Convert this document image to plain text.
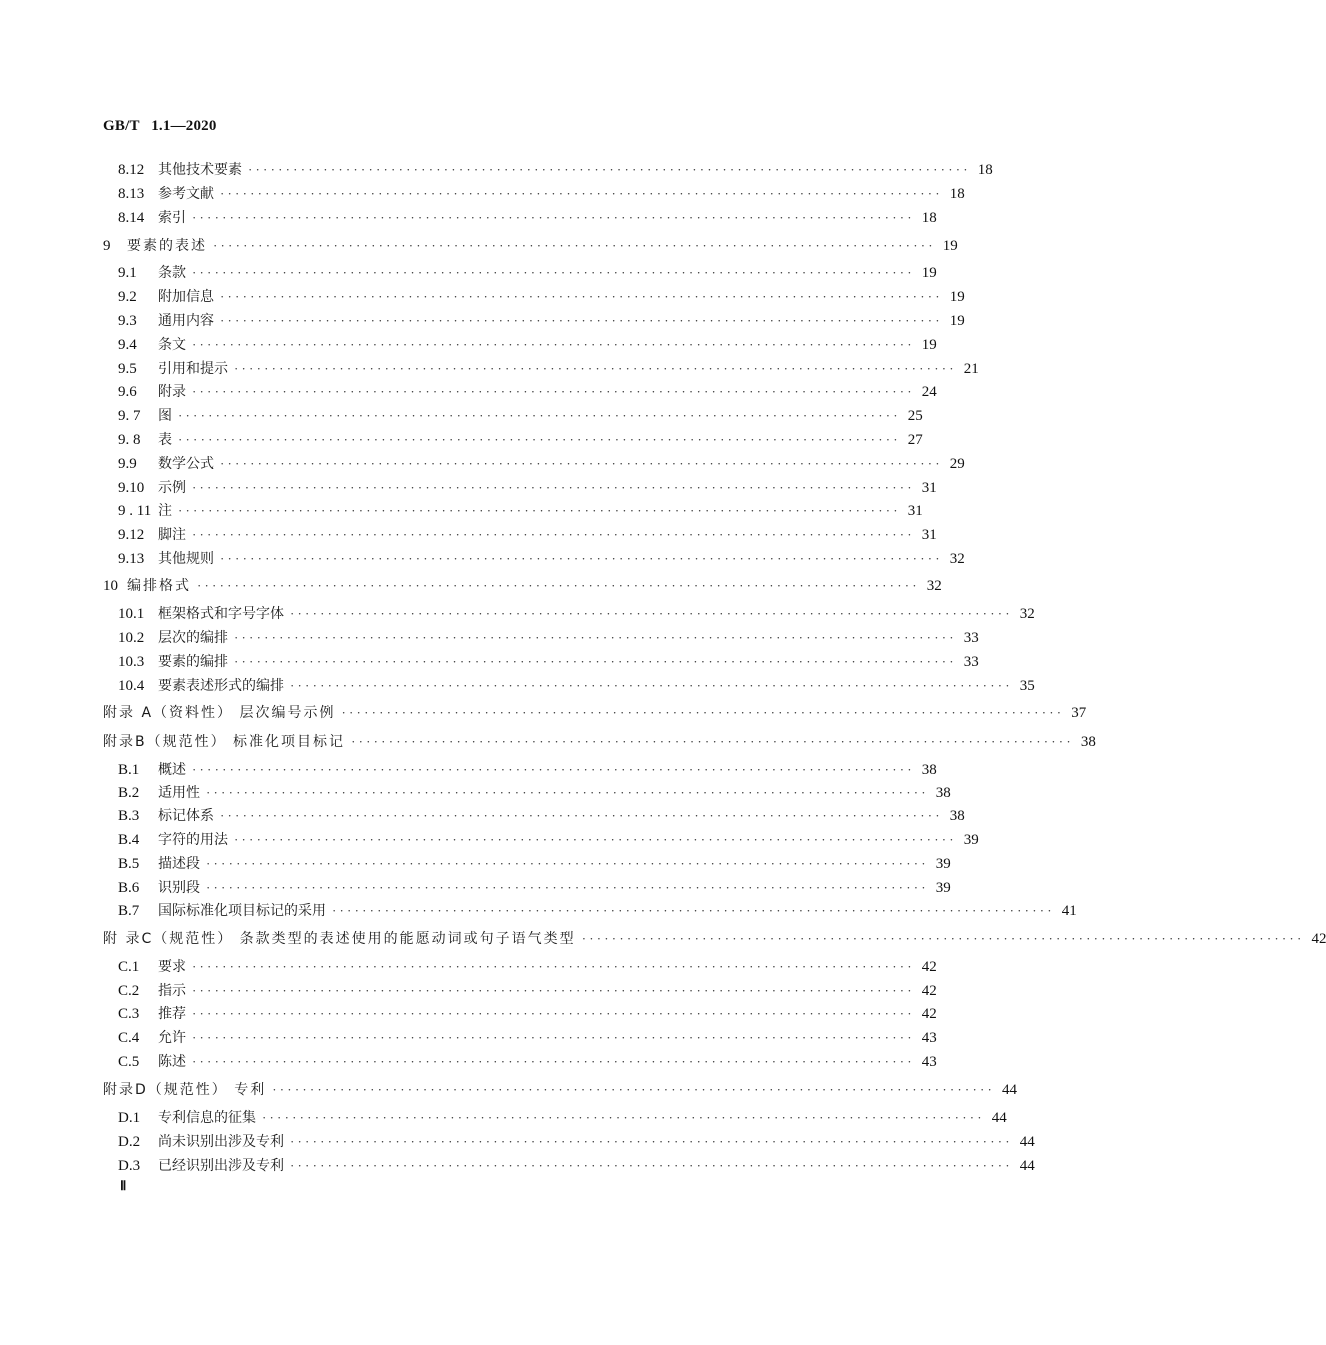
GB/T   1.1—2020
8.12 其他技术要素 ································································································ 18
8.13 参考文献 ································································································ 18
8.14 索引 ································································································ 18
9	要素的表述 ································································································ 19
9.1	条款 ································································································ 19
9.2	附加信息 ································································································ 19
9.3	通用内容 ································································································ 19
9.4	条文 ································································································ 19
9.5	引用和提示 ································································································ 21
9.6	附录 ································································································ 24
9. 7	图 ································································································ 25
9. 8	表 ································································································ 27
9.9	数学公式 ································································································ 29
9.10 示例 ································································································ 31
9 . 11 注 ································································································ 31
9.12 脚注 ································································································ 31
9.13 其他规则 ································································································ 32
10 编排格式 ································································································ 32
10.1 框架格式和字号字体 ································································································ 32
10.2 层次的编排 ································································································ 33
10.3 要素的编排 ································································································ 33
10.4 要素表述形式的编排 ································································································ 35
附录 A（资料性） 层次编号示例 ································································································ 37
附录B（规范性） 标准化项目标记 ································································································ 38
B.1	概述 ································································································ 38
B.2	适用性 ································································································ 38
B.3	标记体系 ································································································ 38
B.4	字符的用法 ································································································ 39
B.5	描述段 ································································································ 39
B.6	识别段 ································································································ 39
B.7	国际标准化项目标记的采用 ································································································ 41
附 录C（规范性） 条款类型的表述使用的能愿动词或句子语气类型 ································································································ 42
C.1	要求 ································································································ 42
C.2	指示 ································································································ 42
C.3	推荐 ································································································ 42
C.4	允许 ································································································ 43
C.5	陈述 ································································································ 43
附录D（规范性） 专利 ································································································ 44
D.1	专利信息的征集 ································································································ 44
D.2	尚未识别出涉及专利 ································································································ 44
D.3	已经识别出涉及专利 ································································································ 44
Ⅱ
